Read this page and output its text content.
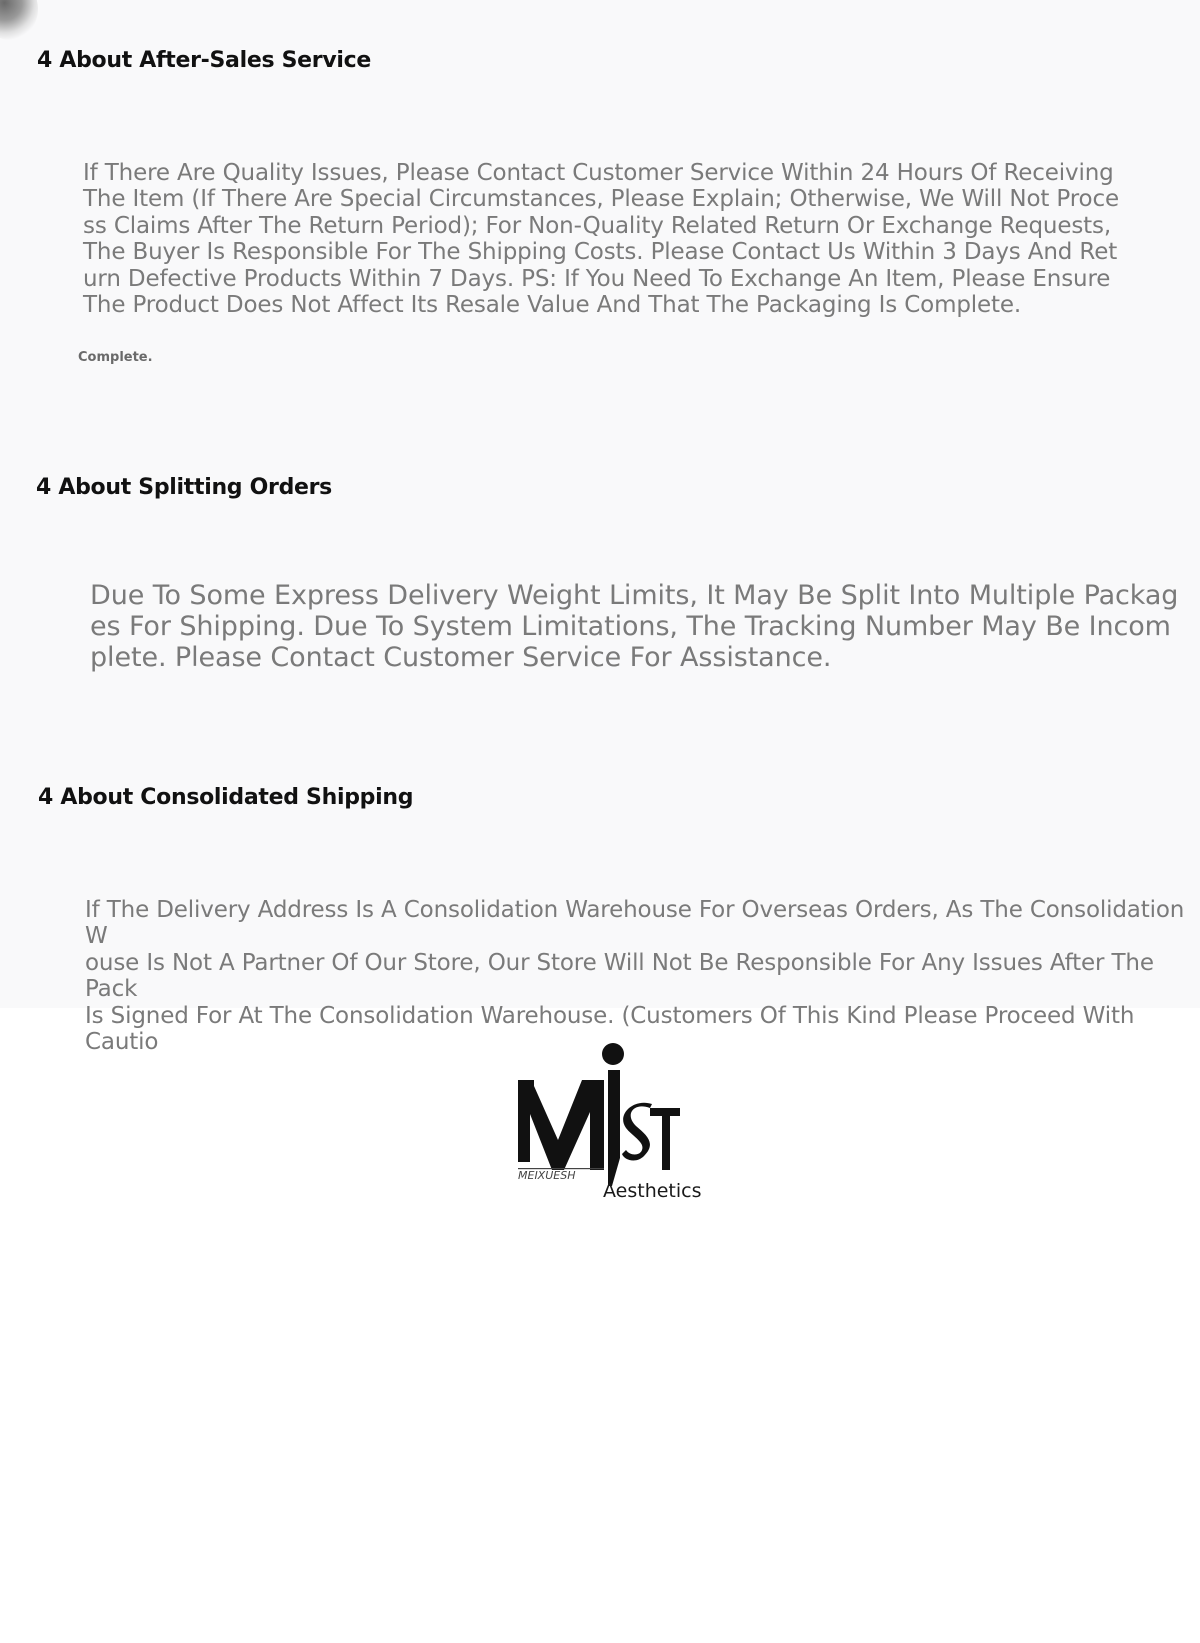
4 About After-Sales Service

If There Are Quality Issues, Please Contact Customer Service Within 24 Hours Of Receiving
The Item (If There Are Special Circumstances, Please Explain; Otherwise, We Will Not Proce
ss Claims After The Return Period); For Non-Quality Related Return Or Exchange Requests,
The Buyer Is Responsible For The Shipping Costs. Please Contact Us Within 3 Days And Ret
urn Defective Products Within 7 Days. PS: If You Need To Exchange An Item, Please Ensure
The Product Does Not Affect Its Resale Value And That The Packaging Is Complete.

Complete.
4 About Splitting Orders

Due To Some Express Delivery Weight Limits, It May Be Split Into Multiple Packag
es For Shipping. Due To System Limitations, The Tracking Number May Be Incom
plete. Please Contact Customer Service For Assistance.

4 About Consolidated Shipping

If The Delivery Address Is A Consolidation Warehouse For Overseas Orders, As The Consolidation W
ouse Is Not A Partner Of Our Store, Our Store Will Not Be Responsible For Any Issues After The Pack
Is Signed For At The Consolidation Warehouse. (Customers Of This Kind Please Proceed With Cautio

MEIXUESH
Aesthetics
